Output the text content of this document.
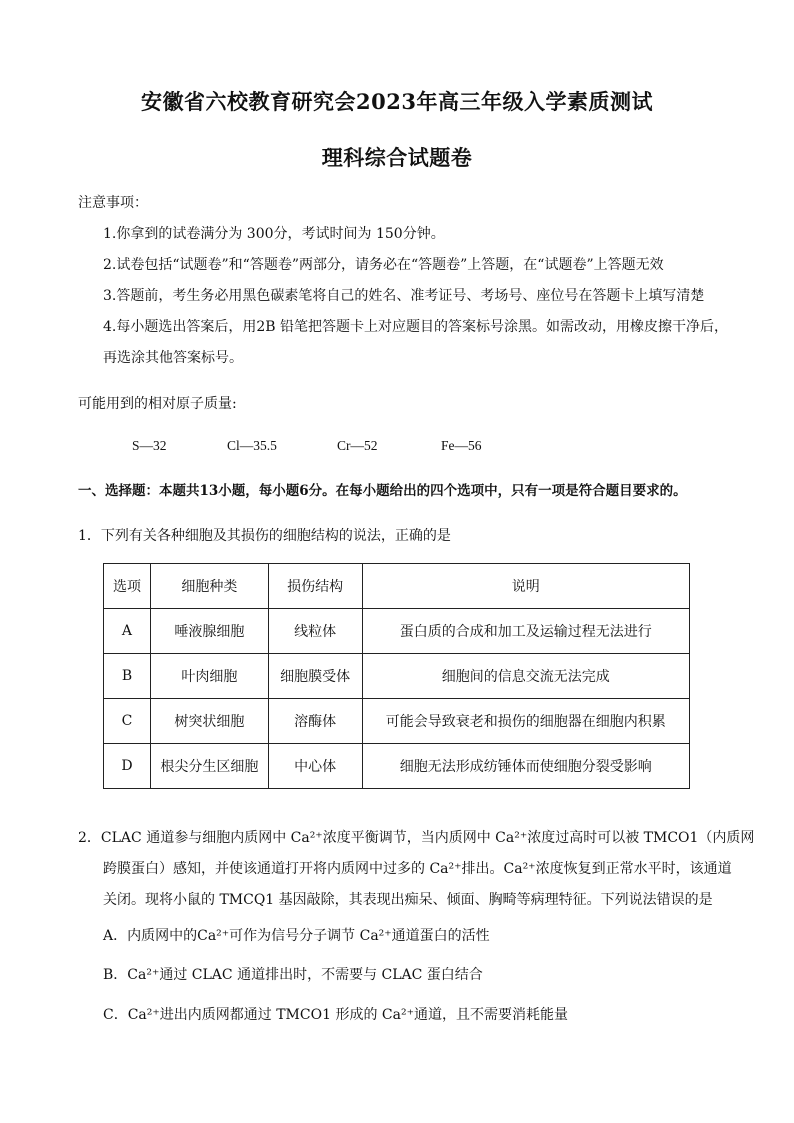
安徽省六校教育研究会2023年高三年级入学素质测试
理科综合试题卷
注意事项：
1.你拿到的试卷满分为 300分，考试时间为 150分钟。
2.试卷包括“试题卷”和“答题卷”两部分，请务必在“答题卷”上答题，在“试题卷”上答题无效
3.答题前，考生务必用黑色碳素笔将自己的姓名、准考证号、考场号、座位号在答题卡上填写清楚
4.每小题选出答案后，用2B 铅笔把答题卡上对应题目的答案标号涂黑。如需改动，用橡皮擦干净后，
再选涂其他答案标号。
可能用到的相对原子质量:
S—32	Cl—35.5	Cr—52	Fe—56
一、选择题：本题共13小题，每小题6分。在每小题给出的四个选项中，只有一项是符合题目要求的。
1．下列有关各种细胞及其损伤的细胞结构的说法，正确的是
选项	细胞种类	损伤结构	说明
A	唾液腺细胞	线粒体	蛋白质的合成和加工及运输过程无法进行
B	叶肉细胞	细胞膜受体	细胞间的信息交流无法完成
C	树突状细胞	溶酶体	可能会导致衰老和损伤的细胞器在细胞内积累
D	根尖分生区细胞	中心体	细胞无法形成纺锤体而使细胞分裂受影响
2．CLAC 通道参与细胞内质网中 Ca²⁺浓度平衡调节，当内质网中 Ca²⁺浓度过高时可以被 TMCO1（内质网
跨膜蛋白）感知，并使该通道打开将内质网中过多的 Ca²⁺排出。Ca²⁺浓度恢复到正常水平时，该通道
关闭。现将小鼠的 TMCQ1 基因敲除，其表现出痴呆、倾面、胸畸等病理特征。下列说法错误的是
A．内质网中的Ca²⁺可作为信号分子调节 Ca²⁺通道蛋白的活性
B．Ca²⁺通过 CLAC 通道排出时，不需要与 CLAC 蛋白结合
C．Ca²⁺进出内质网都通过 TMCO1 形成的 Ca²⁺通道，且不需要消耗能量
